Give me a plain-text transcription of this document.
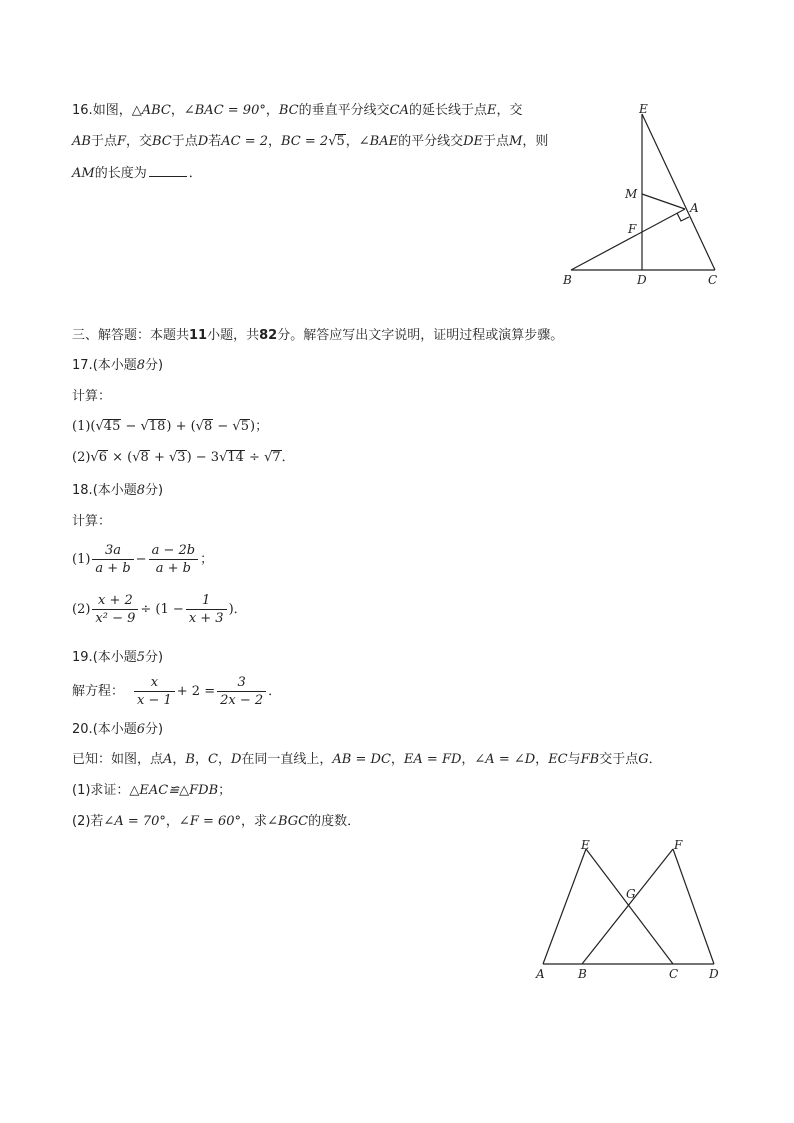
16.如图，△ABC，∠BAC = 90°，BC的垂直平分线交CA的延长线于点E，交
AB于点F，交BC于点D若AC = 2，BC = 2√5，∠BAE的平分线交DE于点M，则
AM的长度为	．
E
M
A
F
B	D	C
三、解答题：本题共11小题，共82分。解答应写出文字说明，证明过程或演算步骤。
17.(本小题8分)
计算：
(1)(√45 − √18) + (√8 − √5)；
(2)√6 × (√8 + √3) − 3√14 ÷ √7．
18.(本小题8分)
计算：
$(1) \frac{3a}{a + b} - \frac{a - 2b}{a + b}$ ；
$(2) \frac{x + 2}{\text{x² − 9}} \div (1 - \frac{1}{x + 3}$ )．
19.(本小题5分)
解方程： $\frac{x}{x - 1} + 2 = \frac{3}{2x - 2}$ ．
20.(本小题6分)
已知：如图，点A，B，C，D在同一直线上，AB = DC，EA = FD，∠A = ∠D，EC与FB交于点G．
(1)求证：△EAC≌△FDB；
(2)若∠A = 70°，∠F = 60°，求∠BGC的度数．
E	F
G
A	B	C	D
